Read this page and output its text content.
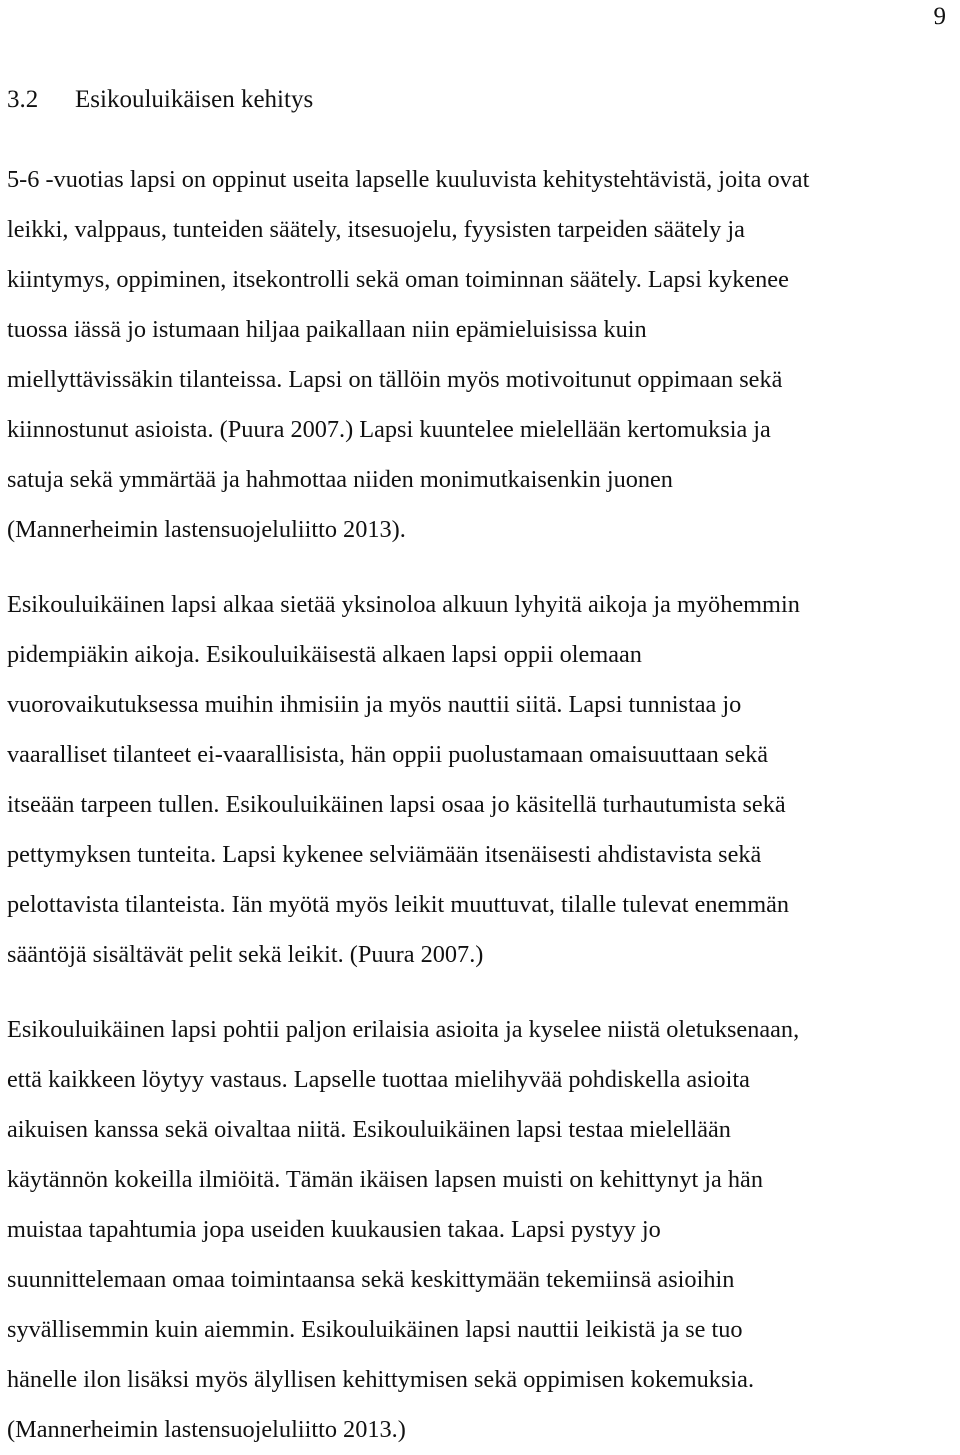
9
3.2 Esikouluikäisen kehitys
5-6 -vuotias lapsi on oppinut useita lapselle kuuluvista kehitystehtävistä, joita ovat
leikki, valppaus, tunteiden säätely, itsesuojelu, fyysisten tarpeiden säätely ja
kiintymys, oppiminen, itsekontrolli sekä oman toiminnan säätely. Lapsi kykenee
tuossa iässä jo istumaan hiljaa paikallaan niin epämieluisissa kuin
miellyttävissäkin tilanteissa. Lapsi on tällöin myös motivoitunut oppimaan sekä
kiinnostunut asioista. (Puura 2007.) Lapsi kuuntelee mielellään kertomuksia ja
satuja sekä ymmärtää ja hahmottaa niiden monimutkaisenkin juonen
(Mannerheimin lastensuojeluliitto 2013).
Esikouluikäinen lapsi alkaa sietää yksinoloa alkuun lyhyitä aikoja ja myöhemmin
pidempiäkin aikoja. Esikouluikäisestä alkaen lapsi oppii olemaan
vuorovaikutuksessa muihin ihmisiin ja myös nauttii siitä. Lapsi tunnistaa jo
vaaralliset tilanteet ei-vaarallisista, hän oppii puolustamaan omaisuuttaan sekä
itseään tarpeen tullen. Esikouluikäinen lapsi osaa jo käsitellä turhautumista sekä
pettymyksen tunteita. Lapsi kykenee selviämään itsenäisesti ahdistavista sekä
pelottavista tilanteista. Iän myötä myös leikit muuttuvat, tilalle tulevat enemmän
sääntöjä sisältävät pelit sekä leikit. (Puura 2007.)
Esikouluikäinen lapsi pohtii paljon erilaisia asioita ja kyselee niistä oletuksenaan,
että kaikkeen löytyy vastaus. Lapselle tuottaa mielihyvää pohdiskella asioita
aikuisen kanssa sekä oivaltaa niitä. Esikouluikäinen lapsi testaa mielellään
käytännön kokeilla ilmiöitä. Tämän ikäisen lapsen muisti on kehittynyt ja hän
muistaa tapahtumia jopa useiden kuukausien takaa. Lapsi pystyy jo
suunnittelemaan omaa toimintaansa sekä keskittymään tekemiinsä asioihin
syvällisemmin kuin aiemmin. Esikouluikäinen lapsi nauttii leikistä ja se tuo
hänelle ilon lisäksi myös älyllisen kehittymisen sekä oppimisen kokemuksia.
(Mannerheimin lastensuojeluliitto 2013.)
